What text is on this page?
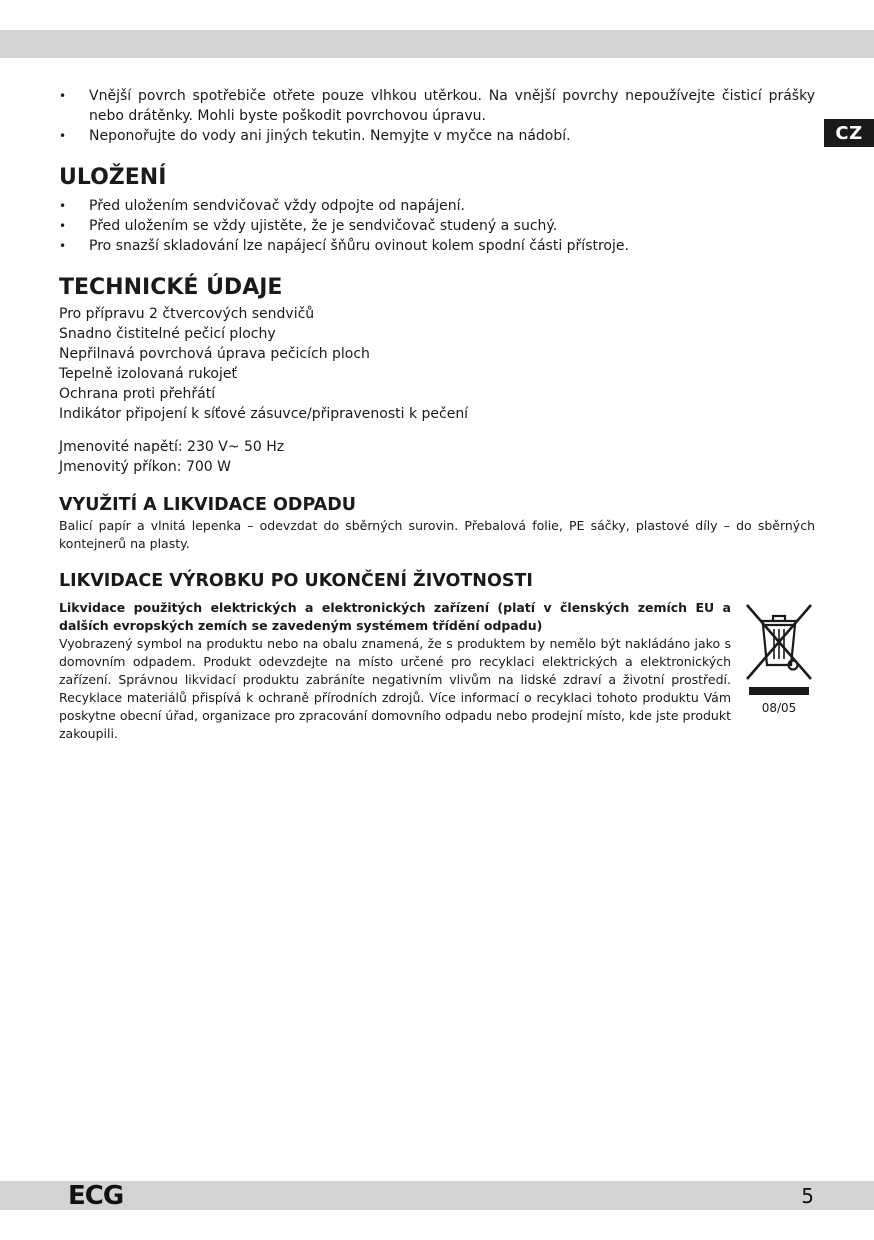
CZ
• Vnější povrch spotřebiče otřete pouze vlhkou utěrkou. Na vnější povrchy nepoužívejte čisticí prášky nebo drátěnky. Mohli byste poškodit povrchovou úpravu.
• Neponořujte do vody ani jiných tekutin. Nemyjte v myčce na nádobí.
ULOŽENÍ
• Před uložením sendvičovač vždy odpojte od napájení.
• Před uložením se vždy ujistěte, že je sendvičovač studený a suchý.
• Pro snazší skladování lze napájecí šňůru ovinout kolem spodní části přístroje.
TECHNICKÉ ÚDAJE

Pro přípravu 2 čtvercových sendvičů

Snadno čistitelné pečicí plochy

Nepřilnavá povrchová úprava pečicích ploch

Tepelně izolovaná rukojeť

Ochrana proti přehřátí

Indikátor připojení k síťové zásuvce/připravenosti k pečení

Jmenovité napětí: 230 V~ 50 Hz

Jmenovitý příkon: 700 W

VYUŽITÍ A LIKVIDACE ODPADU

Balicí papír a vlnitá lepenka – odevzdat do sběrných surovin. Přebalová folie, PE sáčky, plastové díly – do sběrných kontejnerů na plasty.

LIKVIDACE VÝROBKU PO UKONČENÍ ŽIVOTNOSTI

Likvidace použitých elektrických a elektronických zařízení (platí v členských zemích EU a dalších evropských zemích se zavedeným systémem třídění odpadu)

Vyobrazený symbol na produktu nebo na obalu znamená, že s produktem by nemělo být nakládáno jako s domovním odpadem. Produkt odevzdejte na místo určené pro recyklaci elektrických a elektronických zařízení. Správnou likvidací produktu zabráníte negativním vlivům na lidské zdraví a životní prostředí. Recyklace materiálů přispívá k ochraně přírodních zdrojů. Více informací o recyklaci tohoto produktu Vám poskytne obecní úřad, organizace pro zpracování domovního odpadu nebo prodejní místo, kde jste produkt zakoupili.

08/05
ECG	5
